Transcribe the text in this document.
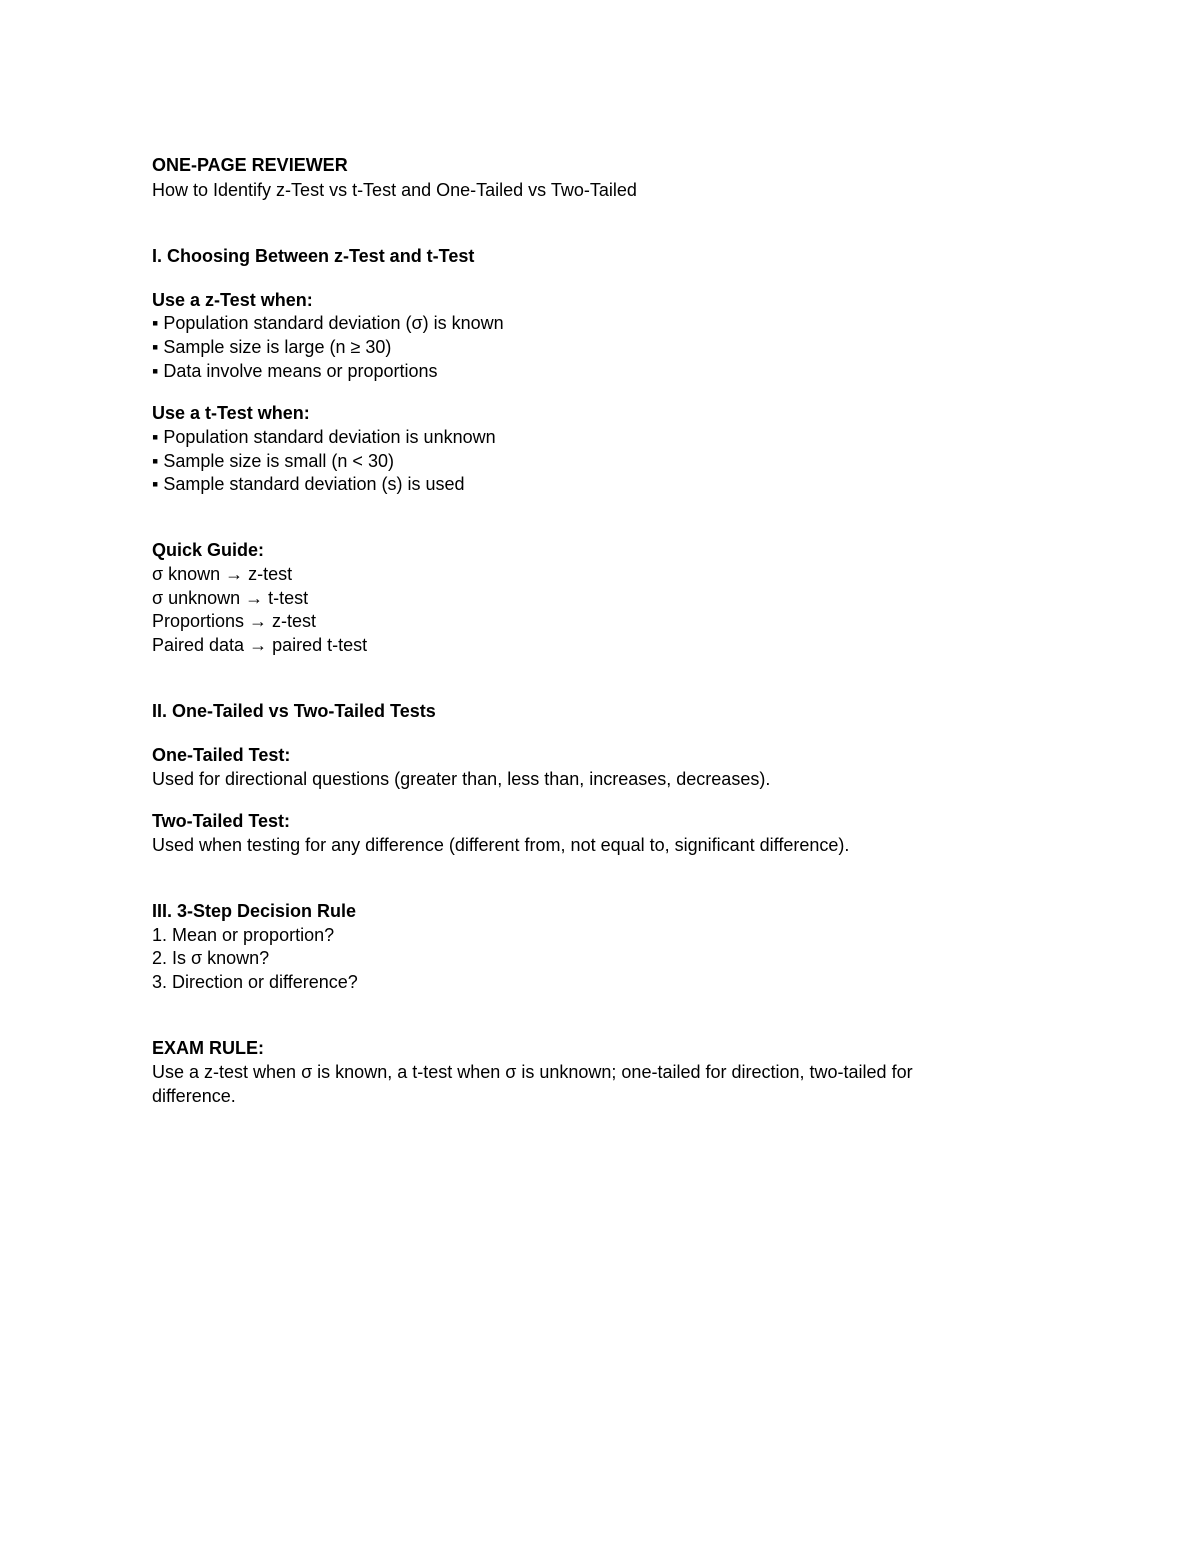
ONE-PAGE REVIEWER

How to Identify z-Test vs t-Test and One-Tailed vs Two-Tailed

I. Choosing Between z-Test and t-Test

Use a z-Test when:

▪ Population standard deviation (σ) is known

▪ Sample size is large (n ≥ 30)

▪ Data involve means or proportions

Use a t-Test when:

▪ Population standard deviation is unknown

▪ Sample size is small (n < 30)

▪ Sample standard deviation (s) is used

Quick Guide:

σ known → z-test

σ unknown → t-test

Proportions → z-test

Paired data → paired t-test

II. One-Tailed vs Two-Tailed Tests

One-Tailed Test:

Used for directional questions (greater than, less than, increases, decreases).

Two-Tailed Test:

Used when testing for any difference (different from, not equal to, significant difference).

III. 3-Step Decision Rule

1. Mean or proportion?

2. Is σ known?

3. Direction or difference?

EXAM RULE:

Use a z-test when σ is known, a t-test when σ is unknown; one-tailed for direction, two-tailed for

difference.
